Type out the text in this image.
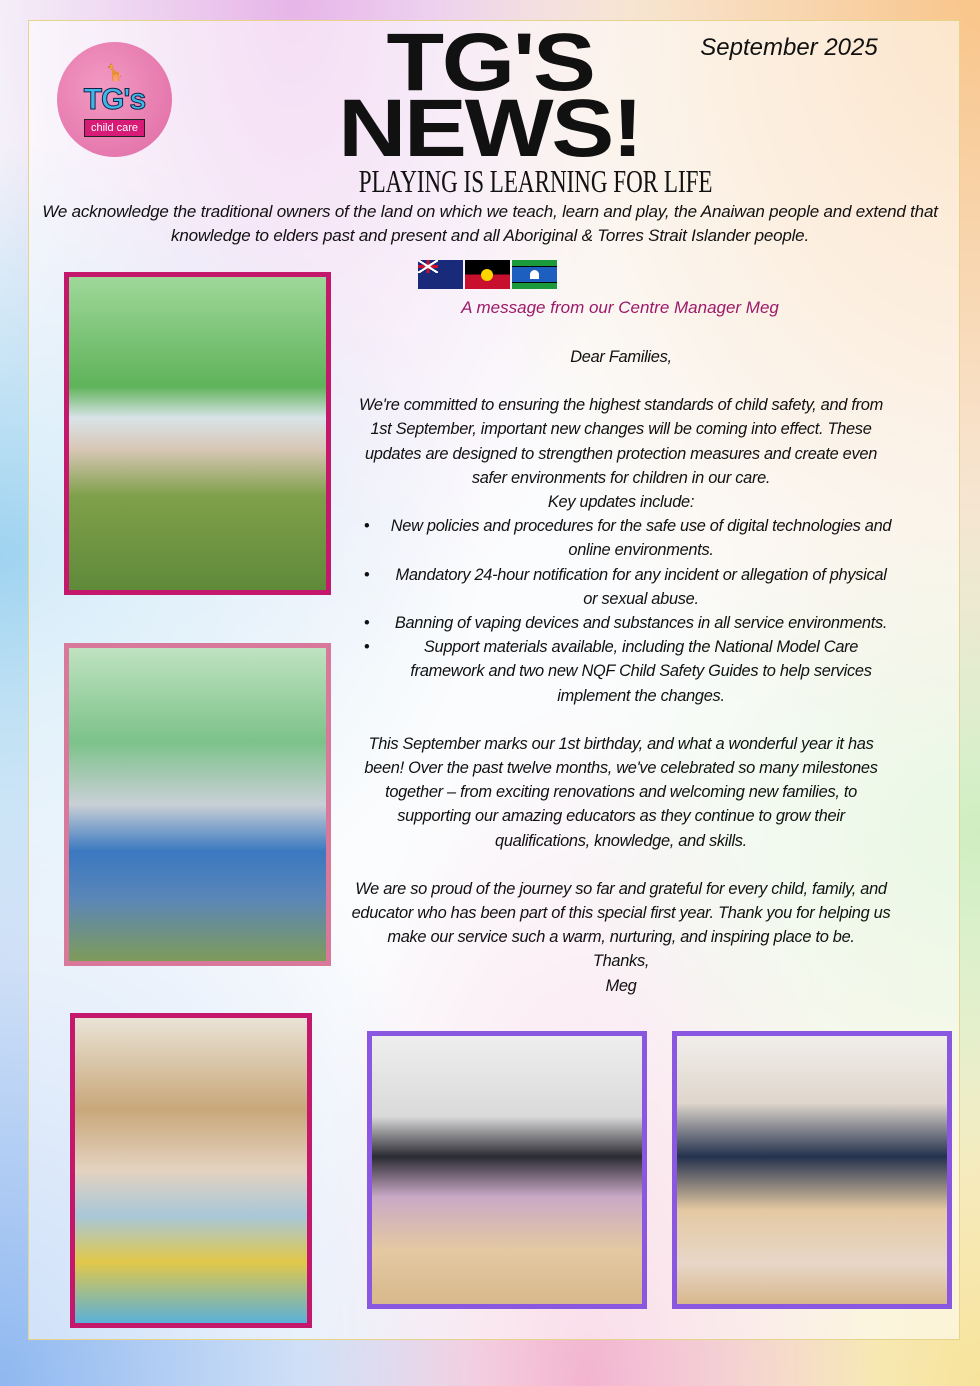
🦒
TG's
child care
TG'S
NEWS!
PLAYING IS LEARNING FOR LIFE
September 2025
We acknowledge the traditional owners of the land on which we teach, learn and play, the Anaiwan people and extend that knowledge to elders past and present and all Aboriginal & Torres Strait Islander people.
A message from our Centre Manager Meg

Dear Families,

We're committed to ensuring the highest standards of child safety, and from 1st September, important new changes will be coming into effect. These updates are designed to strengthen protection measures and create even safer environments for children in our care.

Key updates include:

• New policies and procedures for the safe use of digital technologies and online environments.
• Mandatory 24-hour notification for any incident or allegation of physical or sexual abuse.
• Banning of vaping devices and substances in all service environments.
• Support materials available, including the National Model Care framework and two new NQF Child Safety Guides to help services implement the changes.

This September marks our 1st birthday, and what a wonderful year it has been! Over the past twelve months, we've celebrated so many milestones together – from exciting renovations and welcoming new families, to supporting our amazing educators as they continue to grow their qualifications, knowledge, and skills.

We are so proud of the journey so far and grateful for every child, family, and educator who has been part of this special first year. Thank you for helping us make our service such a warm, nurturing, and inspiring place to be.

Thanks,

Meg
